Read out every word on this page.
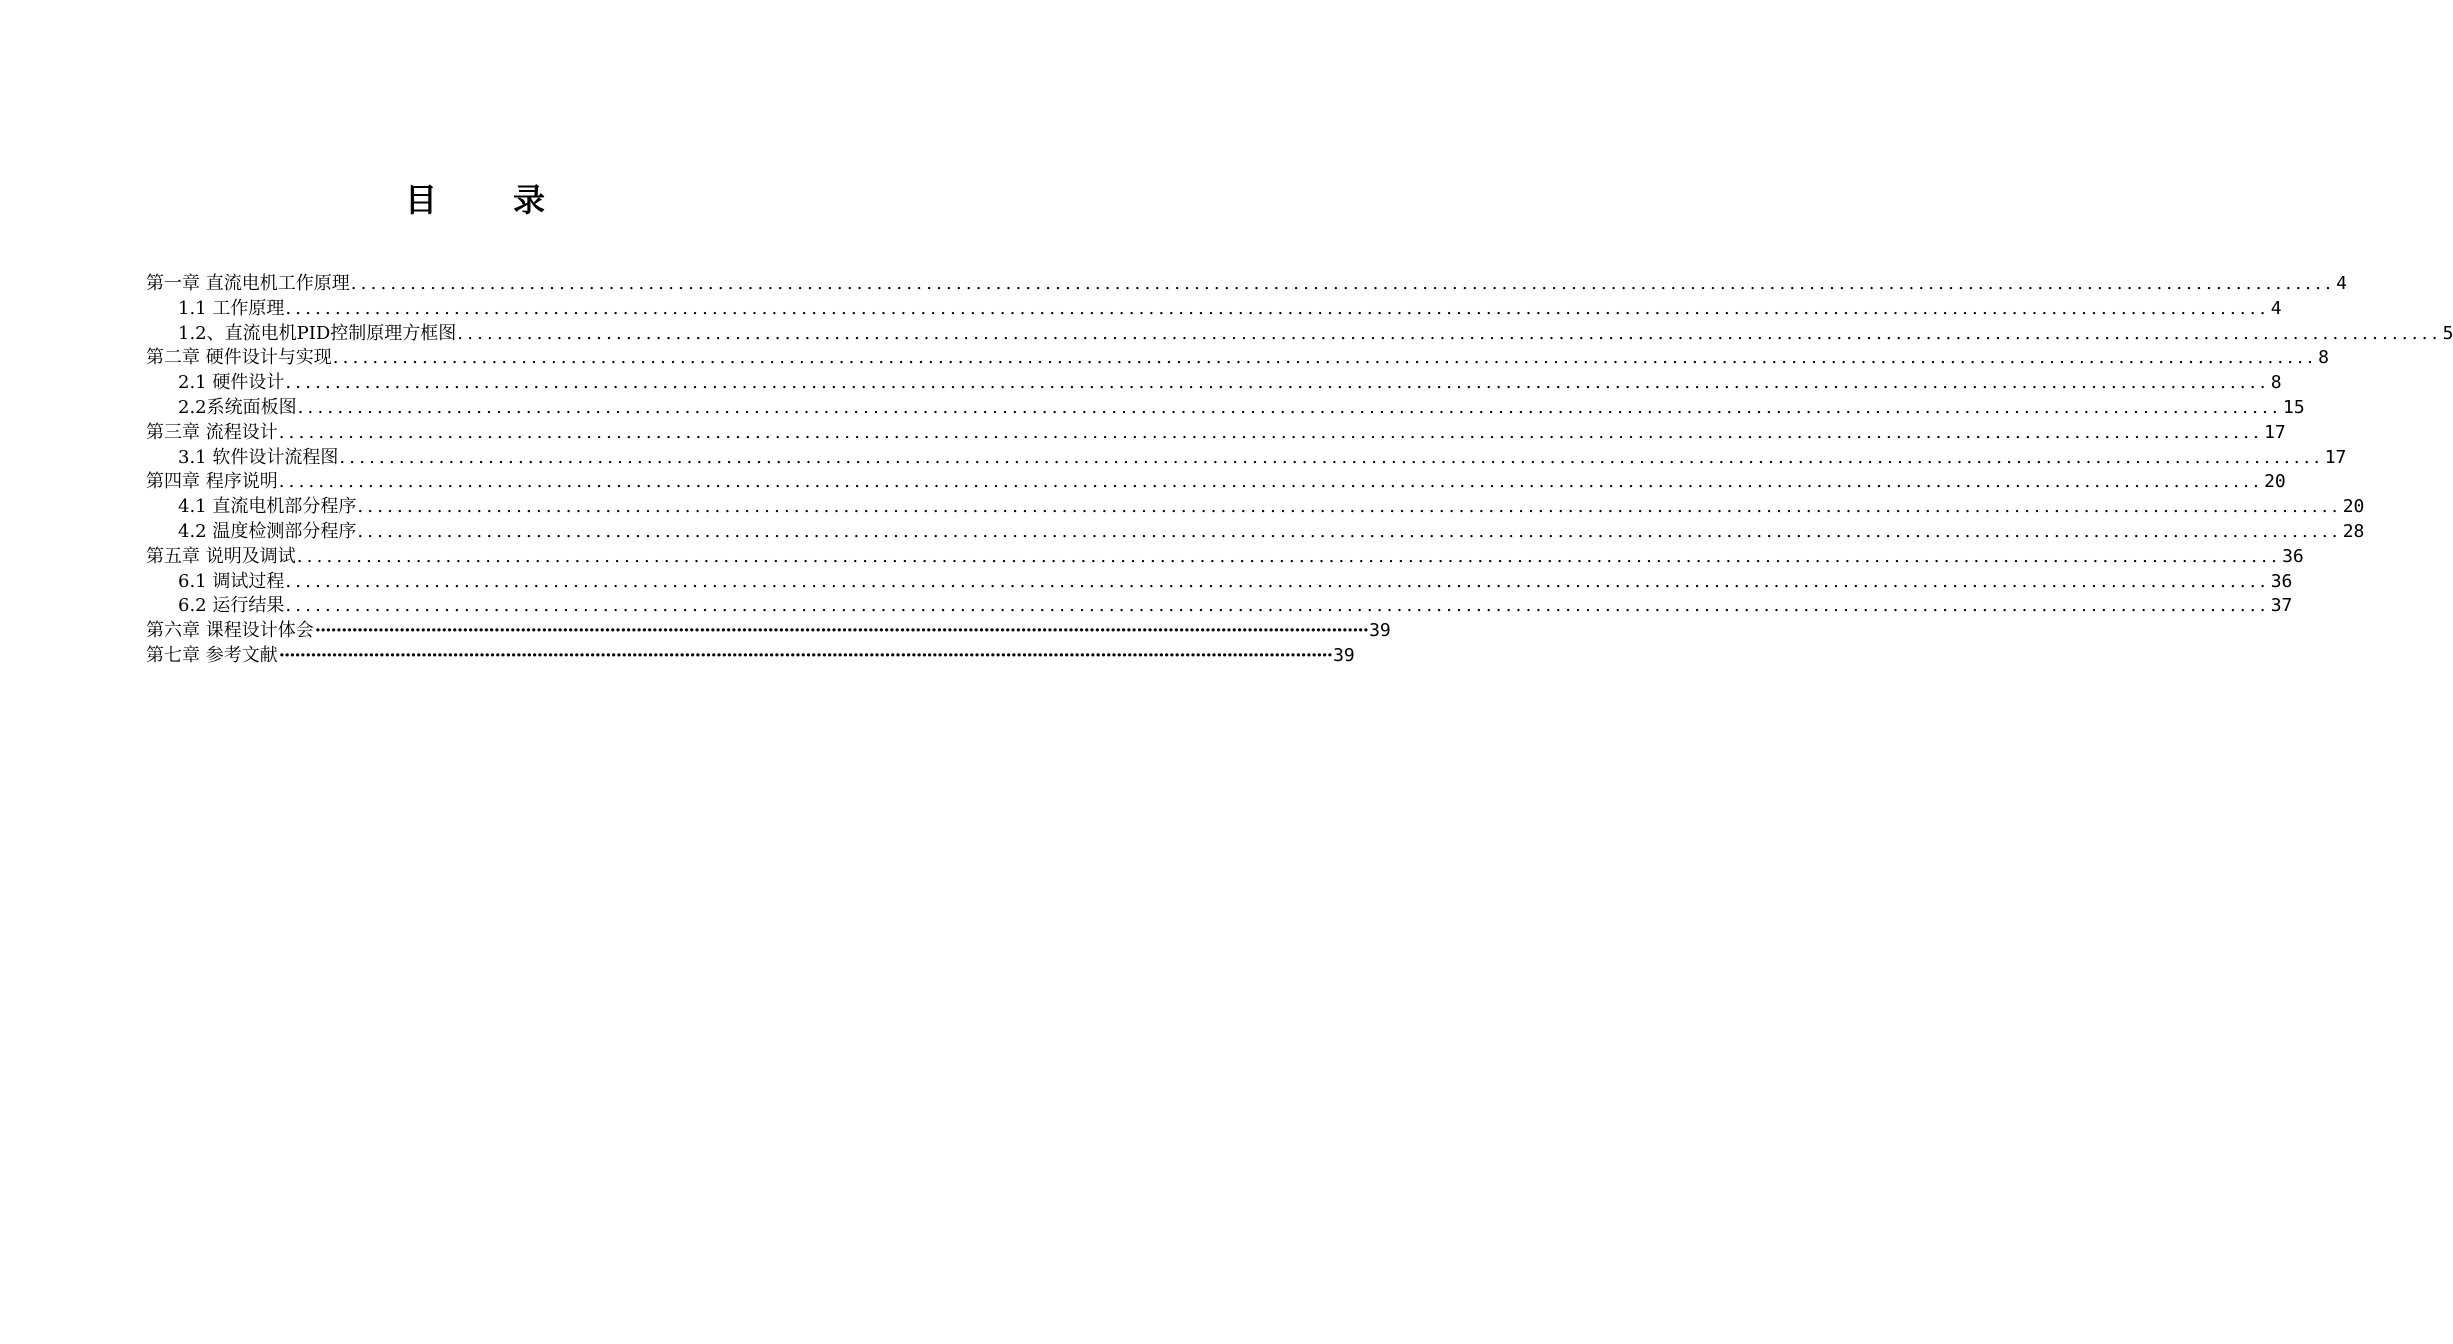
目 录
第一章 直流电机工作原理 ........................................................................................................................................................................................................ 4
1.1 工作原理 ........................................................................................................................................................................................................ 4
1.2、直流电机PID控制原理方框图 ........................................................................................................................................................................................................ 5
第二章 硬件设计与实现 ........................................................................................................................................................................................................ 8
2.1 硬件设计 ........................................................................................................................................................................................................ 8
2.2系统面板图 ........................................................................................................................................................................................................ 15
第三章 流程设计 ........................................................................................................................................................................................................ 17
3.1 软件设计流程图 ........................................................................................................................................................................................................ 17
第四章 程序说明 ........................................................................................................................................................................................................ 20
4.1 直流电机部分程序 ........................................................................................................................................................................................................ 20
4.2 温度检测部分程序 ........................................................................................................................................................................................................ 28
第五章 说明及调试 ........................................................................................................................................................................................................ 36
6.1 调试过程 ........................................................................................................................................................................................................ 36
6.2 运行结果 ........................................................................................................................................................................................................ 37
第六章 课程设计体会 ········································································································································································································ 39
第七章 参考文献 ········································································································································································································ 39
